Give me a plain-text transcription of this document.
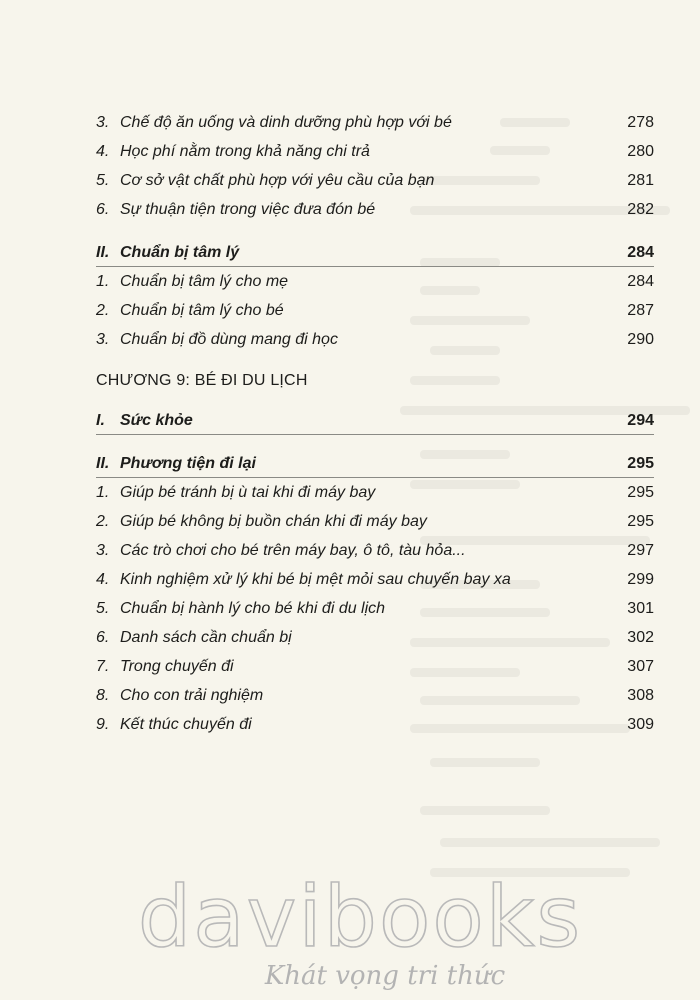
3. Chế độ ăn uống và dinh dưỡng phù hợp với bé	278
4. Học phí nằm trong khả năng chi trả	280
5. Cơ sở vật chất phù hợp với yêu cầu của bạn	281
6. Sự thuận tiện trong việc đưa đón bé	282
II. Chuẩn bị tâm lý	284
1. Chuẩn bị tâm lý cho mẹ	284
2. Chuẩn bị tâm lý cho bé	287
3. Chuẩn bị đồ dùng mang đi học	290
CHƯƠNG 9: BÉ ĐI DU LỊCH
I. Sức khỏe	294
II. Phương tiện đi lại	295
1. Giúp bé tránh bị ù tai khi đi máy bay	295
2. Giúp bé không bị buồn chán khi đi máy bay	295
3. Các trò chơi cho bé trên máy bay, ô tô, tàu hỏa...	297
4. Kinh nghiệm xử lý khi bé bị mệt mỏi sau chuyến bay xa	299
5. Chuẩn bị hành lý cho bé khi đi du lịch	301
6. Danh sách cần chuẩn bị	302
7. Trong chuyến đi	307
8. Cho con trải nghiệm	308
9. Kết thúc chuyến đi	309
davibooks
Khát vọng tri thức
